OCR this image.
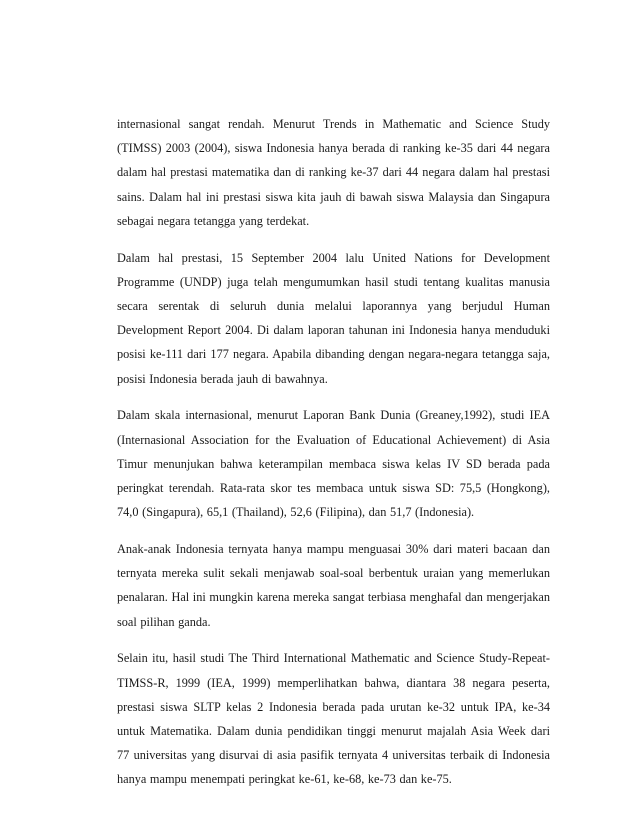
internasional sangat rendah. Menurut Trends in Mathematic and Science Study (TIMSS) 2003 (2004), siswa Indonesia hanya berada di ranking ke-35 dari 44 negara dalam hal prestasi matematika dan di ranking ke-37 dari 44 negara dalam hal prestasi sains. Dalam hal ini prestasi siswa kita jauh di bawah siswa Malaysia dan Singapura sebagai negara tetangga yang terdekat.

Dalam hal prestasi, 15 September 2004 lalu United Nations for Development Programme (UNDP) juga telah mengumumkan hasil studi tentang kualitas manusia secara serentak di seluruh dunia melalui laporannya yang berjudul Human Development Report 2004. Di dalam laporan tahunan ini Indonesia hanya menduduki posisi ke-111 dari 177 negara. Apabila dibanding dengan negara-negara tetangga saja, posisi Indonesia berada jauh di bawahnya.

Dalam skala internasional, menurut Laporan Bank Dunia (Greaney,1992), studi IEA (Internasional Association for the Evaluation of Educational Achievement) di Asia Timur menunjukan bahwa keterampilan membaca siswa kelas IV SD berada pada peringkat terendah. Rata-rata skor tes membaca untuk siswa SD: 75,5 (Hongkong), 74,0 (Singapura), 65,1 (Thailand), 52,6 (Filipina), dan 51,7 (Indonesia).

Anak-anak Indonesia ternyata hanya mampu menguasai 30% dari materi bacaan dan ternyata mereka sulit sekali menjawab soal-soal berbentuk uraian yang memerlukan penalaran. Hal ini mungkin karena mereka sangat terbiasa menghafal dan mengerjakan soal pilihan ganda.

Selain itu, hasil studi The Third International Mathematic and Science Study-Repeat-TIMSS-R, 1999 (IEA, 1999) memperlihatkan bahwa, diantara 38 negara peserta, prestasi siswa SLTP kelas 2 Indonesia berada pada urutan ke-32 untuk IPA, ke-34 untuk Matematika. Dalam dunia pendidikan tinggi menurut majalah Asia Week dari 77 universitas yang disurvai di asia pasifik ternyata 4 universitas terbaik di Indonesia hanya mampu menempati peringkat ke-61, ke-68, ke-73 dan ke-75.
